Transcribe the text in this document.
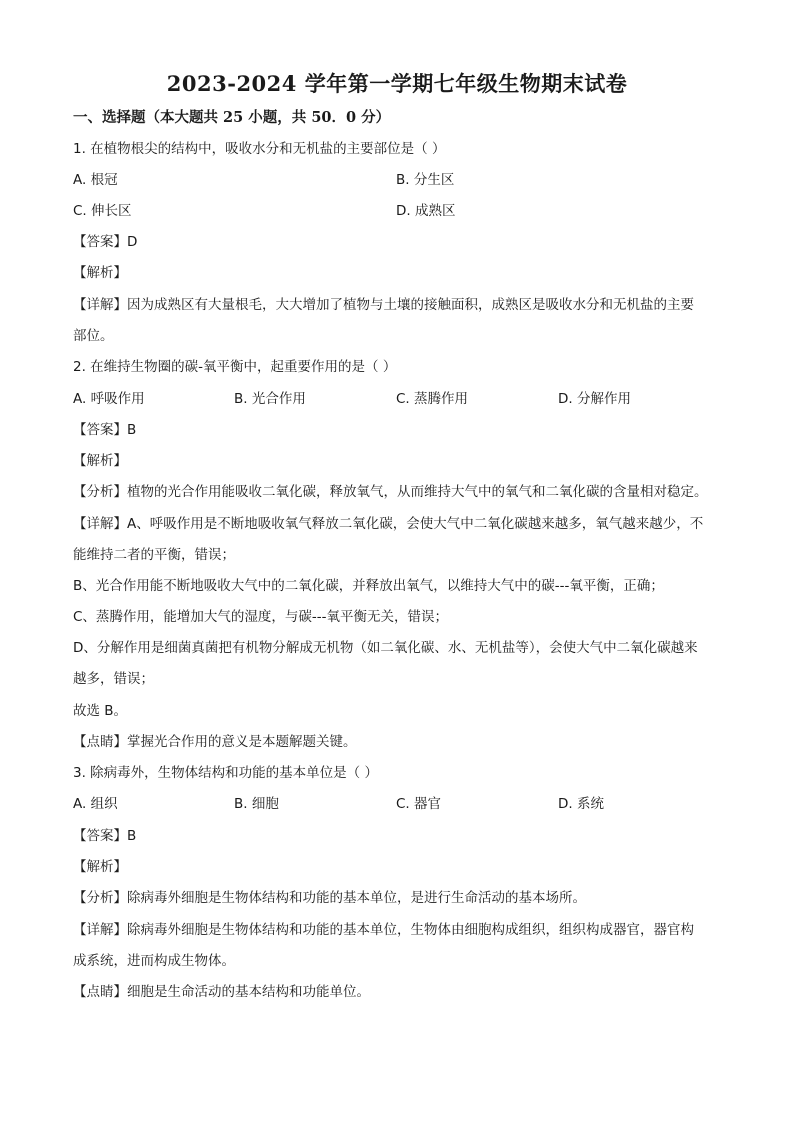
2023-2024 学年第一学期七年级生物期末试卷
一、选择题（本大题共 25 小题，共 50．0 分）
1. 在植物根尖的结构中，吸收水分和无机盐的主要部位是（ ）
A. 根冠	B. 分生区
C. 伸长区	D. 成熟区
【答案】D
【解析】
【详解】因为成熟区有大量根毛，大大增加了植物与土壤的接触面积，成熟区是吸收水分和无机盐的主要
部位。
2. 在维持生物圈的碳-氧平衡中，起重要作用的是（ ）
A. 呼吸作用	B. 光合作用	C. 蒸腾作用	D. 分解作用
【答案】B
【解析】
【分析】植物的光合作用能吸收二氧化碳，释放氧气，从而维持大气中的氧气和二氧化碳的含量相对稳定。
【详解】A、呼吸作用是不断地吸收氧气释放二氧化碳，会使大气中二氧化碳越来越多，氧气越来越少，不
能维持二者的平衡，错误；
B、光合作用能不断地吸收大气中的二氧化碳，并释放出氧气，以维持大气中的碳---氧平衡，正确；
C、蒸腾作用，能增加大气的湿度，与碳---氧平衡无关，错误；
D、分解作用是细菌真菌把有机物分解成无机物（如二氧化碳、水、无机盐等），会使大气中二氧化碳越来
越多，错误；
故选 B。
【点睛】掌握光合作用的意义是本题解题关键。
3. 除病毒外，生物体结构和功能的基本单位是（ ）
A. 组织	B. 细胞	C. 器官	D. 系统
【答案】B
【解析】
【分析】除病毒外细胞是生物体结构和功能的基本单位，是进行生命活动的基本场所。
【详解】除病毒外细胞是生物体结构和功能的基本单位，生物体由细胞构成组织，组织构成器官，器官构
成系统，进而构成生物体。
【点睛】细胞是生命活动的基本结构和功能单位。
